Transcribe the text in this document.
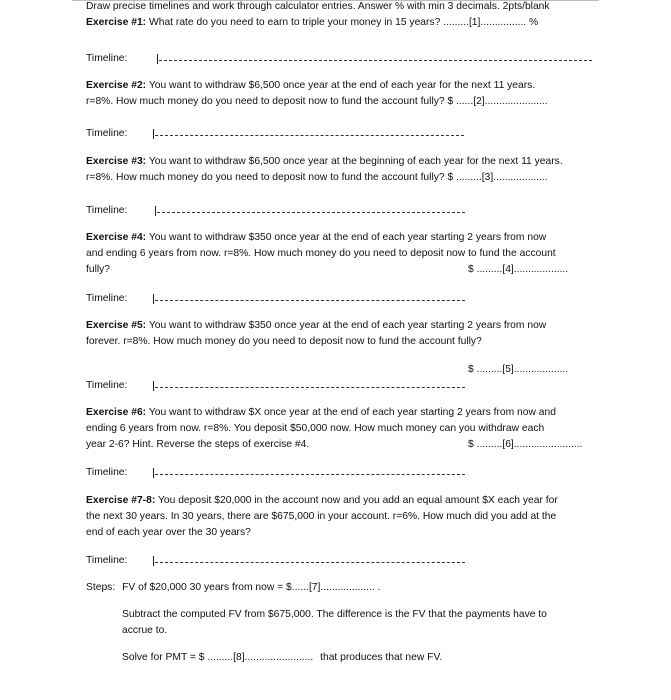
Draw precise timelines and work through calculator entries. Answer % with min 3 decimals. 2pts/blank
Exercise #1: What rate do you need to earn to triple your money in 15 years? .........[1]................ %
Timeline:
Exercise #2: You want to withdraw $6,500 once year at the end of each year for the next 11 years.
r=8%. How much money do you need to deposit now to fund the account fully? $ ......[2]......................
Timeline:
Exercise #3: You want to withdraw $6,500 once year at the beginning of each year for the next 11 years.
r=8%. How much money do you need to deposit now to fund the account fully? $ .........[3]...................
Timeline:
Exercise #4: You want to withdraw $350 once year at the end of each year starting 2 years from now
and ending 6 years from now. r=8%. How much money do you need to deposit now to fund the account
fully?	$ .........[4]...................
Timeline:
Exercise #5: You want to withdraw $350 once year at the end of each year starting 2 years from now
forever. r=8%. How much money do you need to deposit now to fund the account fully?
$ .........[5]...................
Timeline:
Exercise #6: You want to withdraw $X once year at the end of each year starting 2 years from now and
ending 6 years from now. r=8%. You deposit $50,000 now. How much money can you withdraw each
year 2-6? Hint. Reverse the steps of exercise #4.	$ .........[6]........................
Timeline:
Exercise #7-8: You deposit $20,000 in the account now and you add an equal amount $X each year for
the next 30 years. In 30 years, there are $675,000 in your account. r=6%. How much did you add at the
end of each year over the 30 years?
Timeline:
Steps: FV of $20,000 30 years from now = $......[7]................... .
Subtract the computed FV from $675,000. The difference is the FV that the payments have to
accrue to.
Solve for PMT = $ .........[8]........................ that produces that new FV.
